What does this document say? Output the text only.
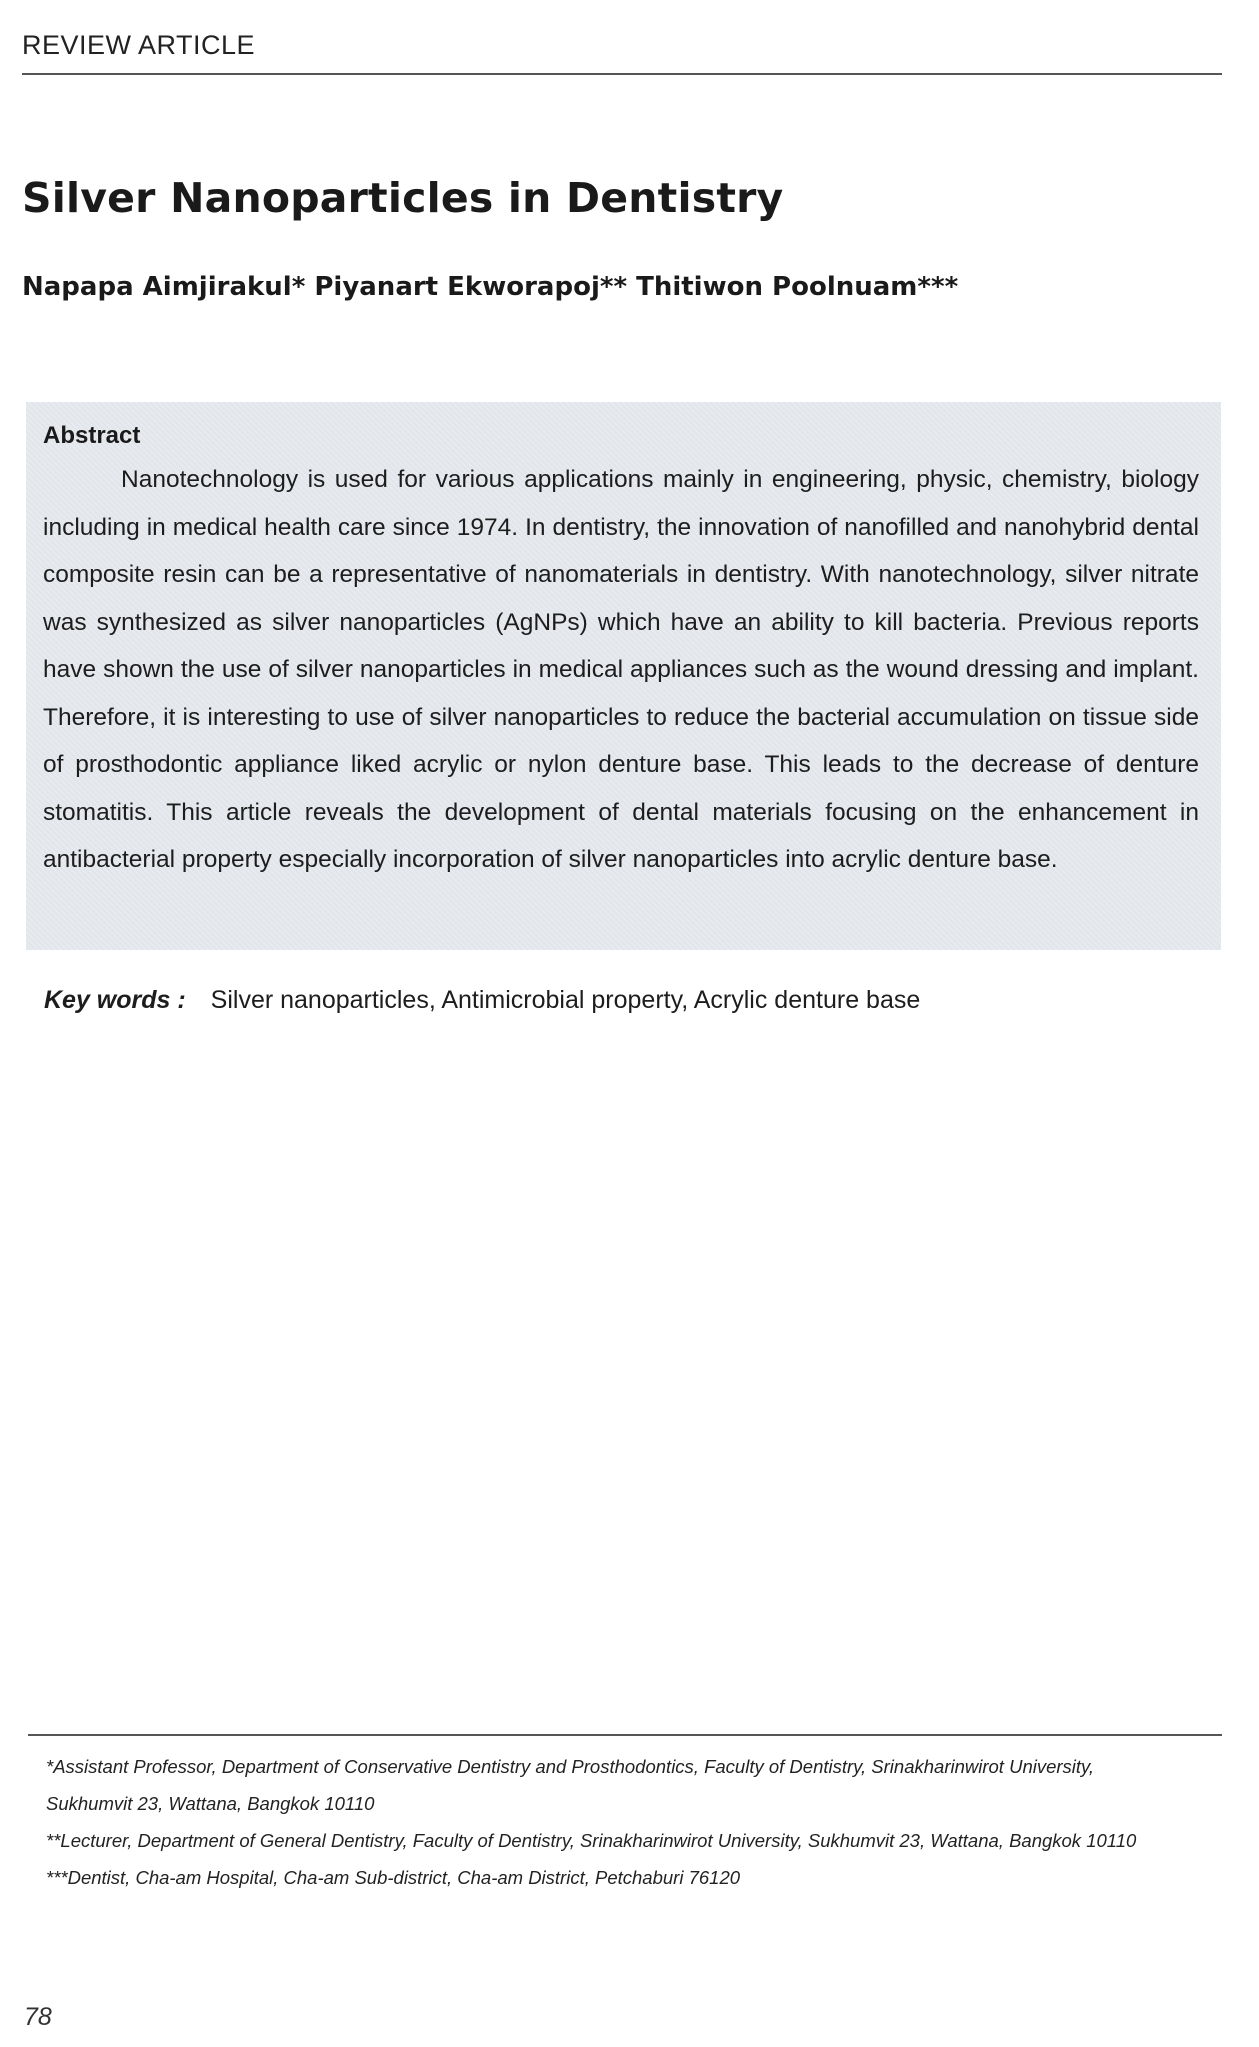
REVIEW ARTICLE
Silver Nanoparticles in Dentistry

Napapa Aimjirakul* Piyanart Ekworapoj** Thitiwon Poolnuam***

Abstract

Nanotechnology is used for various applications mainly in engineering, physic, chemistry, biology including in medical health care since 1974. In dentistry, the innovation of nanofilled and nanohybrid dental composite resin can be a representative of nanomaterials in dentistry. With nanotechnology, silver nitrate was synthesized as silver nanoparticles (AgNPs) which have an ability to kill bacteria. Previous reports have shown the use of silver nanoparticles in medical appliances such as the wound dressing and implant. Therefore, it is interesting to use of silver nanoparticles to reduce the bacterial accumulation on tissue side of prosthodontic appliance liked acrylic or nylon denture base. This leads to the decrease of denture stomatitis. This article reveals the development of dental materials focusing on the enhancement in antibacterial property especially incorporation of silver nanoparticles into acrylic denture base.

Key words : Silver nanoparticles, Antimicrobial property, Acrylic denture base

*Assistant Professor, Department of Conservative Dentistry and Prosthodontics, Faculty of Dentistry, Srinakharinwirot University, Sukhumvit 23, Wattana, Bangkok 10110

**Lecturer, Department of General Dentistry, Faculty of Dentistry, Srinakharinwirot University, Sukhumvit 23, Wattana, Bangkok 10110

***Dentist, Cha-am Hospital, Cha-am Sub-district, Cha-am District, Petchaburi 76120

78
